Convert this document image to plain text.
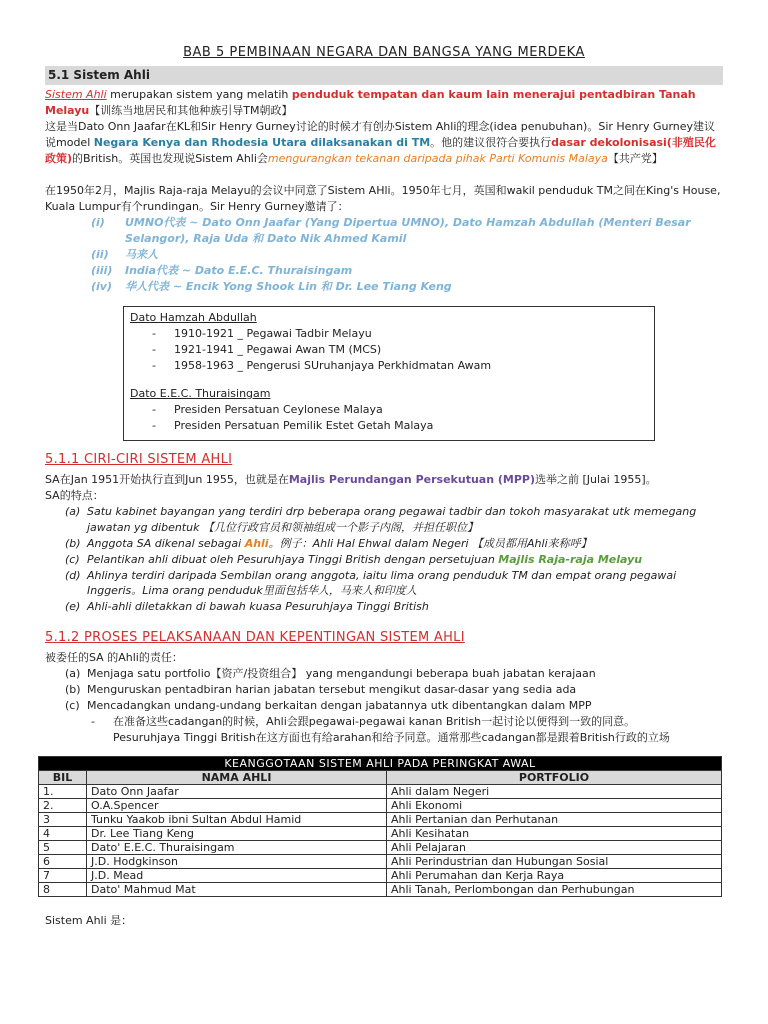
BAB 5 PEMBINAAN NEGARA DAN BANGSA YANG MERDEKA
5.1 Sistem Ahli

Sistem Ahli merupakan sistem yang melatih penduduk tempatan dan kaum lain menerajui pentadbiran Tanah Melayu【训练当地居民和其他种族引导TM朝政】

这是当Dato Onn Jaafar在KL和Sir Henry Gurney讨论的时候才有创办Sistem Ahli的理念(idea penubuhan)。Sir Henry Gurney建议说model Negara Kenya dan Rhodesia Utara dilaksanakan di TM。他的建议很符合要执行dasar dekolonisasi(非殖民化政策)的British。英国也发现说Sistem Ahli会mengurangkan tekanan daripada pihak Parti Komunis Malaya【共产党】

在1950年2月，Majlis Raja-raja Melayu的会议中同意了Sistem AHli。1950年七月，英国和wakil penduduk TM之间在King's House, Kuala Lumpur有个rundingan。Sir Henry Gurney邀请了：

(i)	UMNO代表 ~ Dato Onn Jaafar (Yang Dipertua UMNO), Dato Hamzah Abdullah (Menteri Besar Selangor), Raja Uda 和 Dato Nik Ahmed Kamil
(ii)	马来人
(iii)	India代表 ~ Dato E.E.C. Thuraisingam
(iv)	华人代表 ~ Encik Yong Shook Lin 和 Dr. Lee Tiang Keng
Dato Hamzah Abdullah
-	1910-1921 _ Pegawai Tadbir Melayu
-	1921-1941 _ Pegawai Awan TM (MCS)
-	1958-1963 _ Pengerusi SUruhanjaya Perkhidmatan Awam
Dato E.E.C. Thuraisingam
-	Presiden Persatuan Ceylonese Malaya
-	Presiden Persatuan Pemilik Estet Getah Malaya
5.1.1 CIRI-CIRI SISTEM AHLI

SA在Jan 1951开始执行直到Jun 1955，也就是在Majlis Perundangan Persekutuan (MPP)选举之前 [Julai 1955]。

SA的特点：

(a) Satu kabinet bayangan yang terdiri drp beberapa orang pegawai tadbir dan tokoh masyarakat utk memegang jawatan yg dibentuk 【几位行政官员和领袖组成一个影子内阁，并担任职位】
(b) Anggota SA dikenal sebagai Ahli。例子：Ahli Hal Ehwal dalam Negeri 【成员都用Ahli来称呼】
(c) Pelantikan ahli dibuat oleh Pesuruhjaya Tinggi British dengan persetujuan Majlis Raja-raja Melayu
(d) Ahlinya terdiri daripada Sembilan orang anggota, iaitu lima orang penduduk TM dan empat orang pegawai Inggeris。Lima orang penduduk里面包括华人，马来人和印度人
(e) Ahli-ahli diletakkan di bawah kuasa Pesuruhjaya Tinggi British
5.1.2 PROSES PELAKSANAAN DAN KEPENTINGAN SISTEM AHLI

被委任的SA 的Ahli的责任：

(a) Menjaga satu portfolio【资产/投资组合】 yang mengandungi beberapa buah jabatan kerajaan
(b) Menguruskan pentadbiran harian jabatan tersebut mengikut dasar-dasar yang sedia ada
(c) Mencadangkan undang-undang berkaitan dengan jabatannya utk dibentangkan dalam MPP
-	在准备这些cadangan的时候，Ahli会跟pegawai-pegawai kanan British一起讨论以便得到一致的同意。
Pesuruhjaya Tinggi British在这方面也有给arahan和给予同意。通常那些cadangan都是跟着British行政的立场
KEANGGOTAAN SISTEM AHLI PADA PERINGKAT AWAL		
BIL	NAMA AHLI	PORTFOLIO
1.	Dato Onn Jaafar	Ahli dalam Negeri
2.	O.A.Spencer	Ahli Ekonomi
3	Tunku Yaakob ibni Sultan Abdul Hamid	Ahli Pertanian dan Perhutanan
4	Dr. Lee Tiang Keng	Ahli Kesihatan
5	Dato' E.E.C. Thuraisingam	Ahli Pelajaran
6	J.D. Hodgkinson	Ahli Perindustrian dan Hubungan Sosial
7	J.D. Mead	Ahli Perumahan dan Kerja Raya
8	Dato' Mahmud Mat	Ahli Tanah, Perlombongan dan Perhubungan

Sistem Ahli 是：
